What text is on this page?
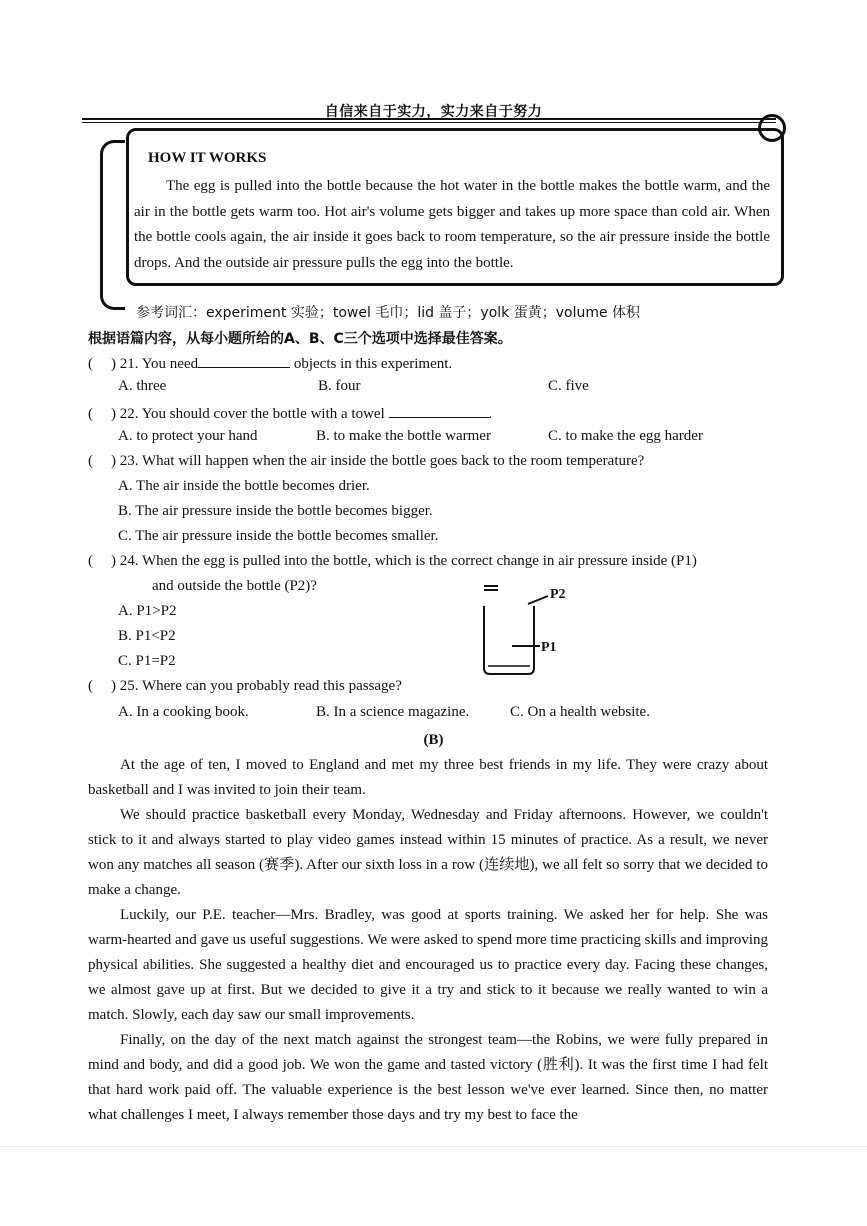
自信来自于实力，实力来自于努力
HOW IT WORKS
The egg is pulled into the bottle because the hot water in the bottle makes the bottle warm, and the air in the bottle gets warm too. Hot air's volume gets bigger and takes up more space than cold air. When the bottle cools again, the air inside it goes back to room temperature, so the air pressure inside the bottle drops. And the outside air pressure pulls the egg into the bottle.
参考词汇：experiment 实验；towel 毛巾；lid 盖子；yolk 蛋黄；volume 体积
根据语篇内容，从每小题所给的A、B、C三个选项中选择最佳答案。
( ) 21. You need	objects in this experiment.
A. three	B. four	C. five
( ) 22. You should cover the bottle with a towel	.
A. to protect your hand	B. to make the bottle warmer	C. to make the egg harder
( ) 23. What will happen when the air inside the bottle goes back to the room temperature?
A. The air inside the bottle becomes drier.
B. The air pressure inside the bottle becomes bigger.
C. The air pressure inside the bottle becomes smaller.
( ) 24. When the egg is pulled into the bottle, which is the correct change in air pressure inside (P1)
and outside the bottle (P2)?
A. P1>P2
B. P1<P2
C. P1=P2
P2
P1
( ) 25. Where can you probably read this passage?
A. In a cooking book.	B. In a science magazine.	C. On a health website.
(B)
At the age of ten, I moved to England and met my three best friends in my life. They were crazy about basketball and I was invited to join their team.
We should practice basketball every Monday, Wednesday and Friday afternoons. However, we couldn't stick to it and always started to play video games instead within 15 minutes of practice. As a result, we never won any matches all season (赛季). After our sixth loss in a row (连续地), we all felt so sorry that we decided to make a change.
Luckily, our P.E. teacher—Mrs. Bradley, was good at sports training. We asked her for help. She was warm-hearted and gave us useful suggestions. We were asked to spend more time practicing skills and improving physical abilities. She suggested a healthy diet and encouraged us to practice every day. Facing these changes, we almost gave up at first. But we decided to give it a try and stick to it because we really wanted to win a match. Slowly, each day saw our small improvements.
Finally, on the day of the next match against the strongest team—the Robins, we were fully prepared in mind and body, and did a good job. We won the game and tasted victory (胜利). It was the first time I had felt that hard work paid off. The valuable experience is the best lesson we've ever learned. Since then, no matter what challenges I meet, I always remember those days and try my best to face the
